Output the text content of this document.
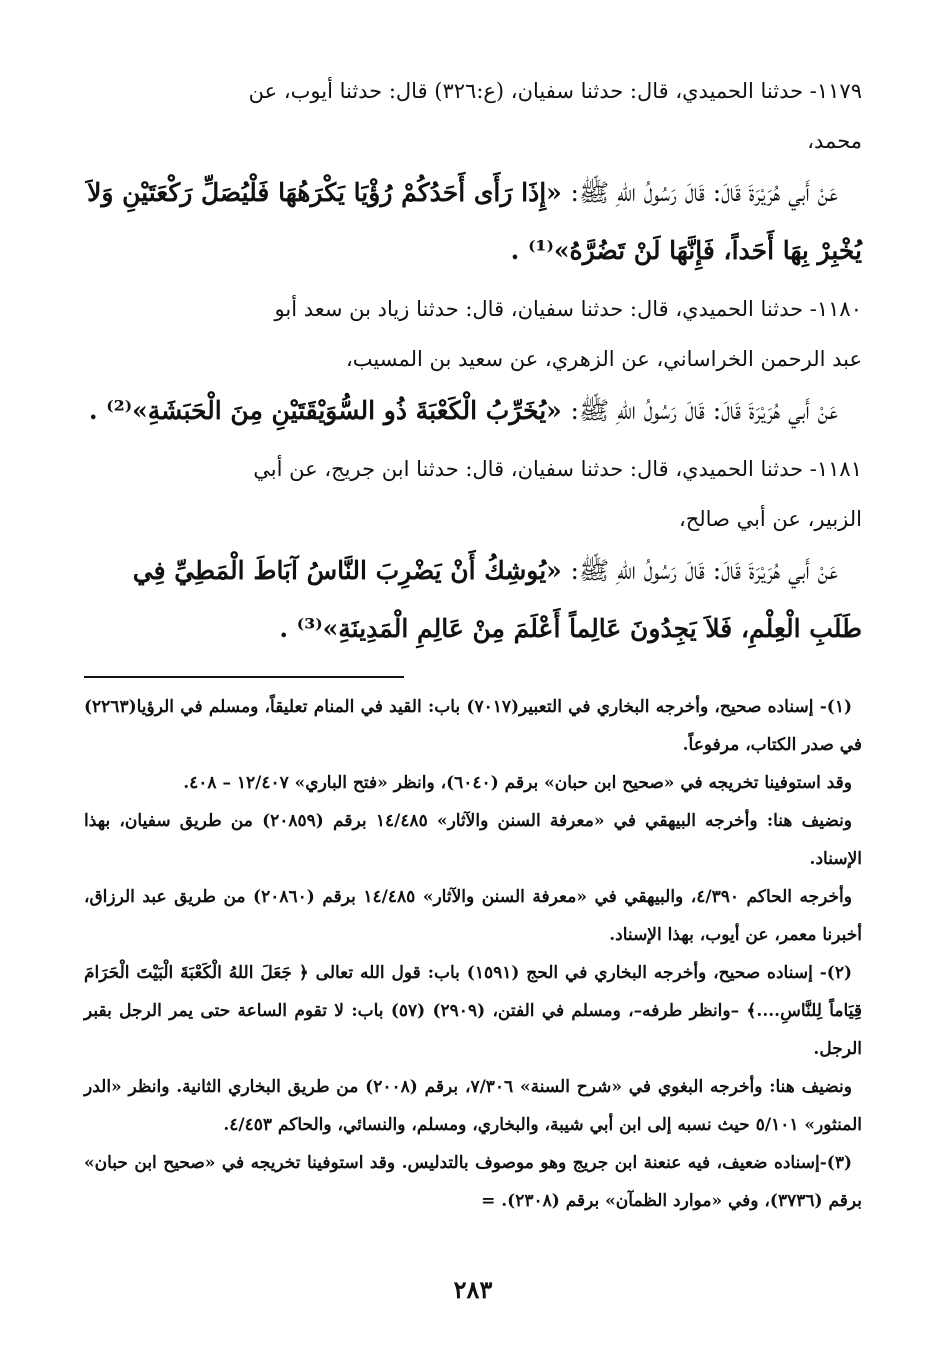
١١٧٩- حدثنا الحميدي، قال: حدثنا سفيان، (ع:٣٢٦) قال: حدثنا أيوب، عن

محمد،

عَنْ أَبي هُرَيْرَةَ قَالَ: قَالَ رَسُولُ اللهِ ﷺ: «إِذَا رَأَى أَحَدُكُمْ رُؤْيَا يَكْرَهُهَا فَلْيُصَلِّ رَكْعَتَيْنِ وَلاَ يُخْبِرْ بِهَا أَحَداً، فَإِنَّهَا لَنْ تَضُرَّهُ»⁽¹⁾ .

١١٨٠- حدثنا الحميدي، قال: حدثنا سفيان، قال: حدثنا زياد بن سعد أبو

عبد الرحمن الخراساني، عن الزهري، عن سعيد بن المسيب،

عَنْ أَبي هُرَيْرَةَ قَالَ: قَالَ رَسُولُ اللهِ ﷺ: «يُخَرِّبُ الْكَعْبَةَ ذُو السُّوَيْقَتَيْنِ مِنَ الْحَبَشَةِ»⁽²⁾ .

١١٨١- حدثنا الحميدي، قال: حدثنا سفيان، قال: حدثنا ابن جريج، عن أبي

الزبير، عن أبي صالح،

عَنْ أَبي هُرَيْرَةَ قَالَ: قَالَ رَسُولُ اللهِ ﷺ: «يُوشِكُ أَنْ يَضْرِبَ النَّاسُ آبَاطَ الْمَطِيِّ فِي طَلَبِ الْعِلْمِ، فَلاَ يَجِدُونَ عَالِماً أَعْلَمَ مِنْ عَالِمِ الْمَدِينَةِ»⁽³⁾ .

(١)- إسناده صحيح، وأخرجه البخاري في التعبير(٧٠١٧) باب: القيد في المنام تعليقاً، ومسلم في الرؤيا(٢٢٦٣) في صدر الكتاب، مرفوعاً.

وقد استوفينا تخريجه في «صحيح ابن حبان» برقم (٦٠٤٠)، وانظر «فتح الباري» ١٢/٤٠٧ – ٤٠٨.

ونضيف هنا: وأخرجه البيهقي في «معرفة السنن والآثار» ١٤/٤٨٥ برقم (٢٠٨٥٩) من طريق سفيان، بهذا الإسناد.

وأخرجه الحاكم ٤/٣٩٠، والبيهقي في «معرفة السنن والآثار» ١٤/٤٨٥ برقم (٢٠٨٦٠) من طريق عبد الرزاق، أخبرنا معمر، عن أيوب، بهذا الإسناد.

(٢)- إسناده صحيح، وأخرجه البخاري في الحج (١٥٩١) باب: قول الله تعالى ﴿ جَعَلَ اللهُ الْكَعْبَةَ الْبَيْتَ الْحَرَامَ قِيَاماً لِلنَّاسِ....﴾ –وانظر طرفه–، ومسلم في الفتن، (٢٩٠٩) (٥٧) باب: لا تقوم الساعة حتى يمر الرجل بقبر الرجل.

ونضيف هنا: وأخرجه البغوي في «شرح السنة» ٧/٣٠٦، برقم (٢٠٠٨) من طريق البخاري الثانية. وانظر «الدر المنثور» ٥/١٠١ حيث نسبه إلى ابن أبي شيبة، والبخاري، ومسلم، والنسائي، والحاكم ٤/٤٥٣.

(٣)-إسناده ضعيف، فيه عنعنة ابن جريج وهو موصوف بالتدليس. وقد استوفينا تخريجه في «صحيح ابن حبان» برقم (٣٧٣٦)، وفي «موارد الظمآن» برقم (٢٣٠٨). =

٢٨٣
